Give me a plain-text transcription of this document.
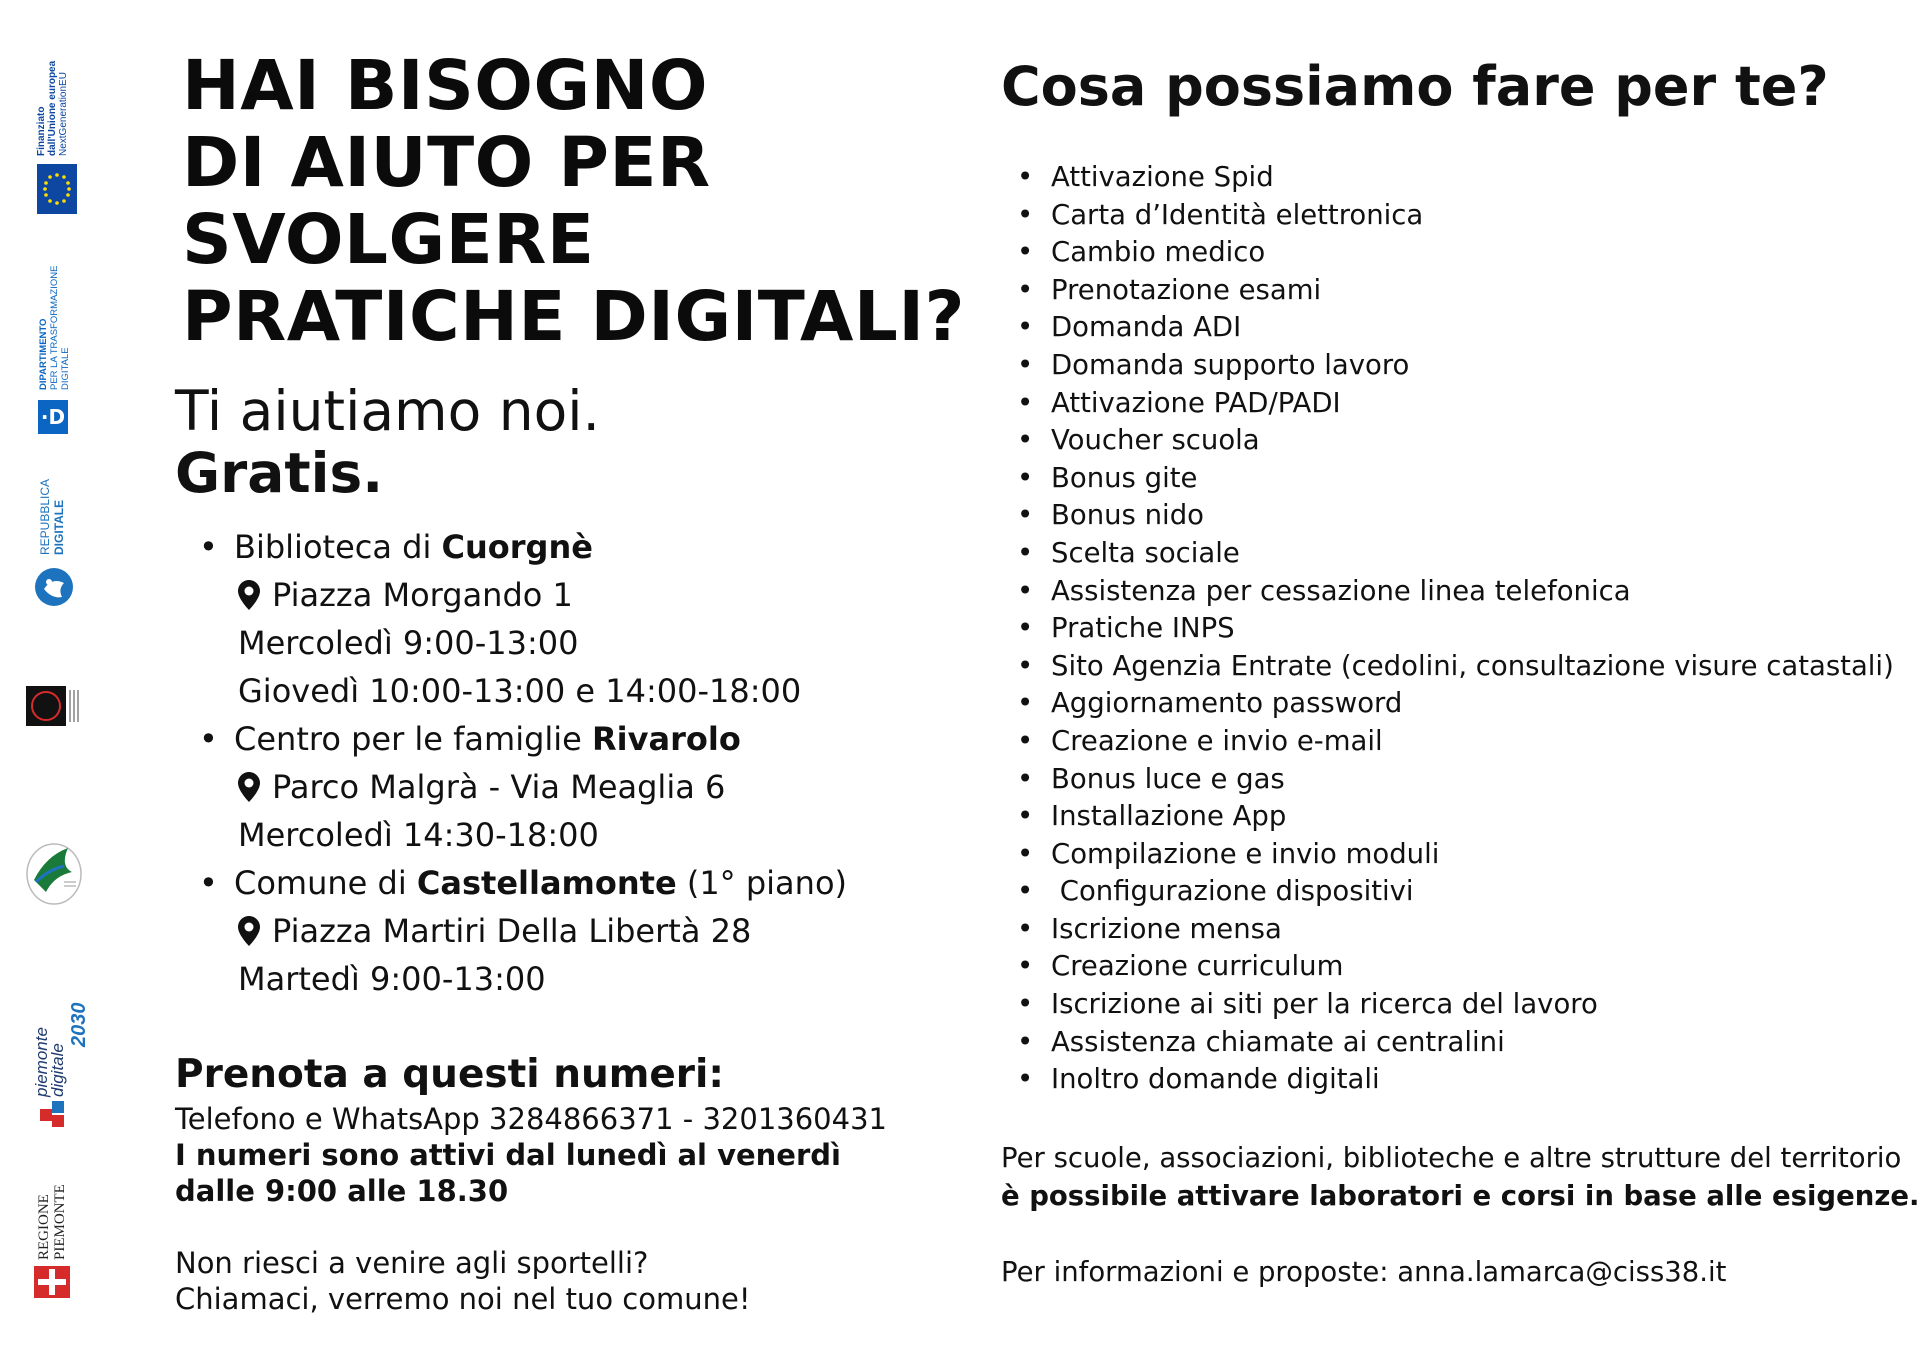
Finanziato dall'Unione europea NextGenerationEU
DIPARTIMENTO PER LA TRASFORMAZIONE DIGITALE
·D
REPUBBLICA DIGITALE
piemonte
digitale
2030
REGIONE PIEMONTE
HAI BISOGNO
DI AIUTO PER
SVOLGERE
PRATICHE DIGITALI?
Ti aiutiamo noi.
Gratis.
• Biblioteca di Cuorgnè
Piazza Morgando 1
Mercoledì 9:00-13:00
Giovedì 10:00-13:00 e 14:00-18:00
• Centro per le famiglie Rivarolo
Parco Malgrà - Via Meaglia 6
Mercoledì 14:30-18:00
• Comune di Castellamonte (1° piano)
Piazza Martiri Della Libertà 28
Martedì 9:00-13:00
Prenota a questi numeri:
Telefono e WhatsApp 3284866371 - 3201360431
I numeri sono attivi dal lunedì al venerdì
dalle 9:00 alle 18.30
Non riesci a venire agli sportelli?
Chiamaci, verremo noi nel tuo comune!
Cosa possiamo fare per te?
• Attivazione Spid
• Carta d’Identità elettronica
• Cambio medico
• Prenotazione esami
• Domanda ADI
• Domanda supporto lavoro
• Attivazione PAD/PADI
• Voucher scuola
• Bonus gite
• Bonus nido
• Scelta sociale
• Assistenza per cessazione linea telefonica
• Pratiche INPS
• Sito Agenzia Entrate (cedolini, consultazione visure catastali)
• Aggiornamento password
• Creazione e invio e-mail
• Bonus luce e gas
• Installazione App
• Compilazione e invio moduli
• Configurazione dispositivi
• Iscrizione mensa
• Creazione curriculum
• Iscrizione ai siti per la ricerca del lavoro
• Assistenza chiamate ai centralini
• Inoltro domande digitali
Per scuole, associazioni, biblioteche e altre strutture del territorio
è possibile attivare laboratori e corsi in base alle esigenze.
Per informazioni e proposte: anna.lamarca@ciss38.it
